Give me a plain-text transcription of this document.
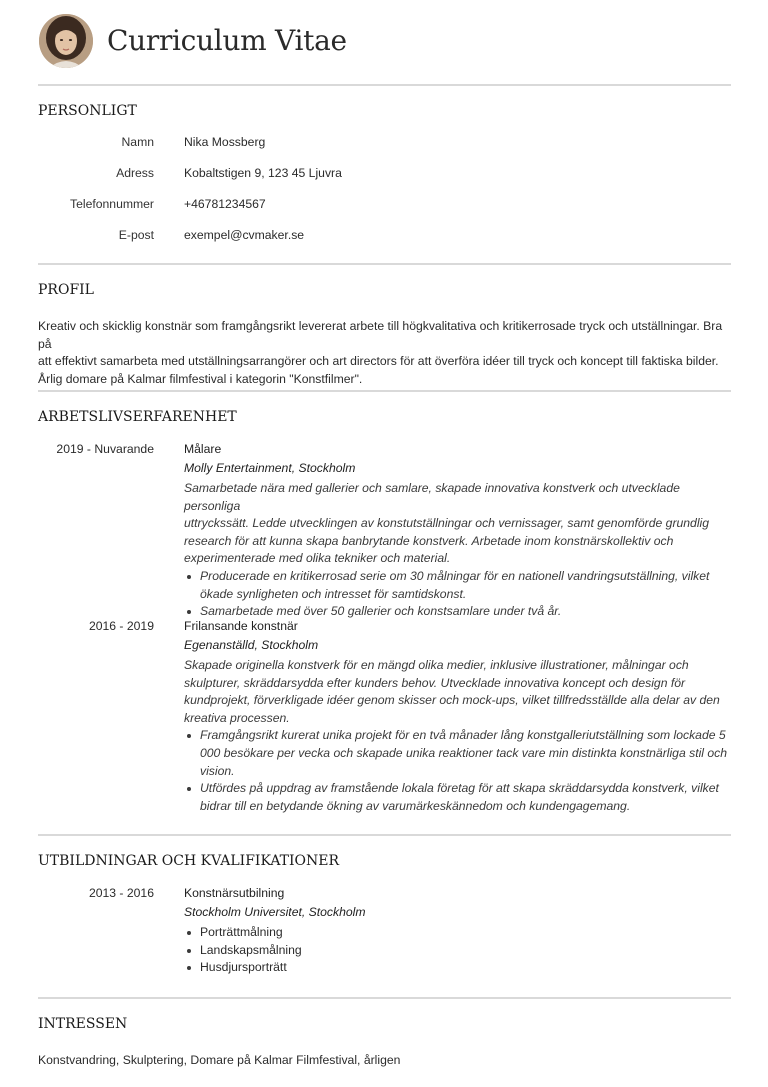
Curriculum Vitae
PERSONLIGT
Namn Nika Mossberg
Adress Kobaltstigen 9, 123 45 Ljuvra
Telefonnummer +46781234567
E-post exempel@cvmaker.se
PROFIL
Kreativ och skicklig konstnär som framgångsrikt levererat arbete till högkvalitativa och kritikerrosade tryck och utställningar. Bra på
att effektivt samarbeta med utställningsarrangörer och art directors för att överföra idéer till tryck och koncept till faktiska bilder.
Årlig domare på Kalmar filmfestival i kategorin "Konstfilmer".
ARBETSLIVSERFARENHET
2019 - Nuvarande Målare
Molly Entertainment, Stockholm
Samarbetade nära med gallerier och samlare, skapade innovativa konstverk och utvecklade personliga
uttryckssätt. Ledde utvecklingen av konstutställningar och vernissager, samt genomförde grundlig
research för att kunna skapa banbrytande konstverk. Arbetade inom konstnärskollektiv och
experimenterade med olika tekniker och material.
Producerade en kritikerrosad serie om 30 målningar för en nationell vandringsutställning, vilket
ökade synligheten och intresset för samtidskonst.
Samarbetade med över 50 gallerier och konstsamlare under två år.
2016 - 2019 Frilansande konstnär
Egenanställd, Stockholm
Skapade originella konstverk för en mängd olika medier, inklusive illustrationer, målningar och
skulpturer, skräddarsydda efter kunders behov. Utvecklade innovativa koncept och design för
kundprojekt, förverkligade idéer genom skisser och mock-ups, vilket tillfredsställde alla delar av den
kreativa processen.
Framgångsrikt kurerat unika projekt för en två månader lång konstgalleriutställning som lockade 5
000 besökare per vecka och skapade unika reaktioner tack vare min distinkta konstnärliga stil och
vision.
Utfördes på uppdrag av framstående lokala företag för att skapa skräddarsydda konstverk, vilket
bidrar till en betydande ökning av varumärkeskännedom och kundengagemang.
UTBILDNINGAR OCH KVALIFIKATIONER
2013 - 2016 Konstnärsutbilning
Stockholm Universitet, Stockholm
Porträttmålning
Landskapsmålning
Husdjursporträtt
INTRESSEN
Konstvandring, Skulptering, Domare på Kalmar Filmfestival, årligen
